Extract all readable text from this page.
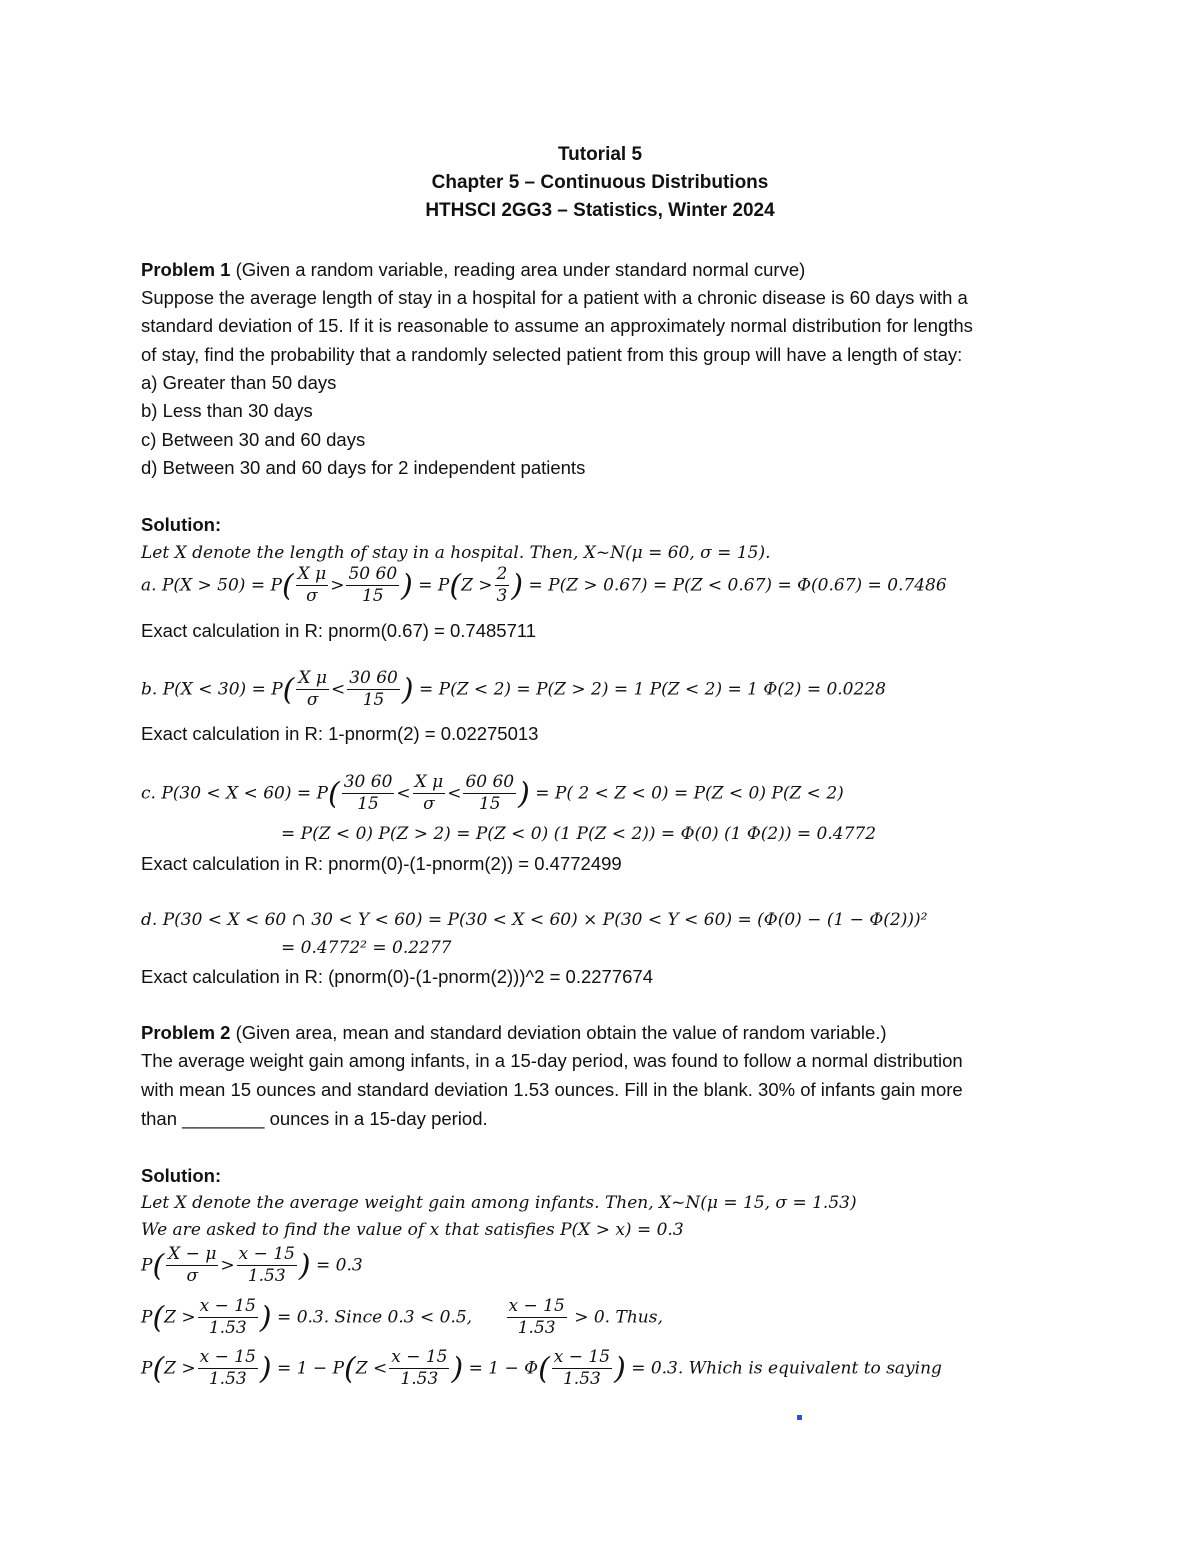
Tutorial 5
Chapter 5 – Continuous Distributions
HTHSCI 2GG3 – Statistics, Winter 2024
Problem 1 (Given a random variable, reading area under standard normal curve)
Suppose the average length of stay in a hospital for a patient with a chronic disease is 60 days with a
standard deviation of 15. If it is reasonable to assume an approximately normal distribution for lengths
of stay, find the probability that a randomly selected patient from this group will have a length of stay:
a) Greater than 50 days
b) Less than 30 days
c) Between 30 and 60 days
d) Between 30 and 60 days for 2 independent patients
Solution:
Let X denote the length of stay in a hospital. Then, X~N(μ = 60, σ = 15).
a. $P(X > 50) = P( \frac{\text{X μ}}{\sigma} > \frac{50 60}{15}$ ) = $P(Z > \frac{2}{3}$ ) = P(Z > 0.67) = P(Z < 0.67) = Φ(0.67) = 0.7486
Exact calculation in R: pnorm(0.67) = 0.7485711
b. $P(X < 30) = P( \frac{\text{X μ}}{\sigma} < \frac{30 60}{15}$ ) = P(Z < 2) = P(Z > 2) = 1 P(Z < 2) = 1 Φ(2) = 0.0228
Exact calculation in R: 1-pnorm(2) = 0.02275013
c. $P(30 < X < 60) = P( \frac{30 60}{15} < \frac{\text{X μ}}{\sigma} < \frac{60 60}{15}$ ) = P( 2 < Z < 0) = P(Z < 0) P(Z < 2)
= P(Z < 0) P(Z > 2) = P(Z < 0) (1 P(Z < 2)) = Φ(0) (1 Φ(2)) = 0.4772
Exact calculation in R: pnorm(0)-(1-pnorm(2)) = 0.4772499
d. P(30 < X < 60 ∩ 30 < Y < 60) = P(30 < X < 60) × P(30 < Y < 60) = (Φ(0) − (1 − Φ(2)))²
= 0.4772² = 0.2277
Exact calculation in R: (pnorm(0)-(1-pnorm(2)))^2 = 0.2277674
Problem 2 (Given area, mean and standard deviation obtain the value of random variable.)
The average weight gain among infants, in a 15-day period, was found to follow a normal distribution
with mean 15 ounces and standard deviation 1.53 ounces. Fill in the blank. 30% of infants gain more
than ________ ounces in a 15-day period.
Solution:
Let X denote the average weight gain among infants. Then, X~N(μ = 15, σ = 1.53)
We are asked to find the value of x that satisfies P(X > x) = 0.3
$P( \frac{X - \mu}{\sigma} > \frac{x - 15}{1.53}$ ) = 0.3
$P(Z > \frac{x - 15}{1.53}$ ) = 0.3. Since 0.3 < 0.5, $\frac{x - 15}{1.53} > 0$. Thus,
$P(Z > \frac{x - 15}{1.53}$ ) = $1 - P(Z < \frac{x - 15}{1.53}$ ) = $1 - \Phi( \frac{x - 15}{1.53}$ ) = 0.3. Which is equivalent to saying
